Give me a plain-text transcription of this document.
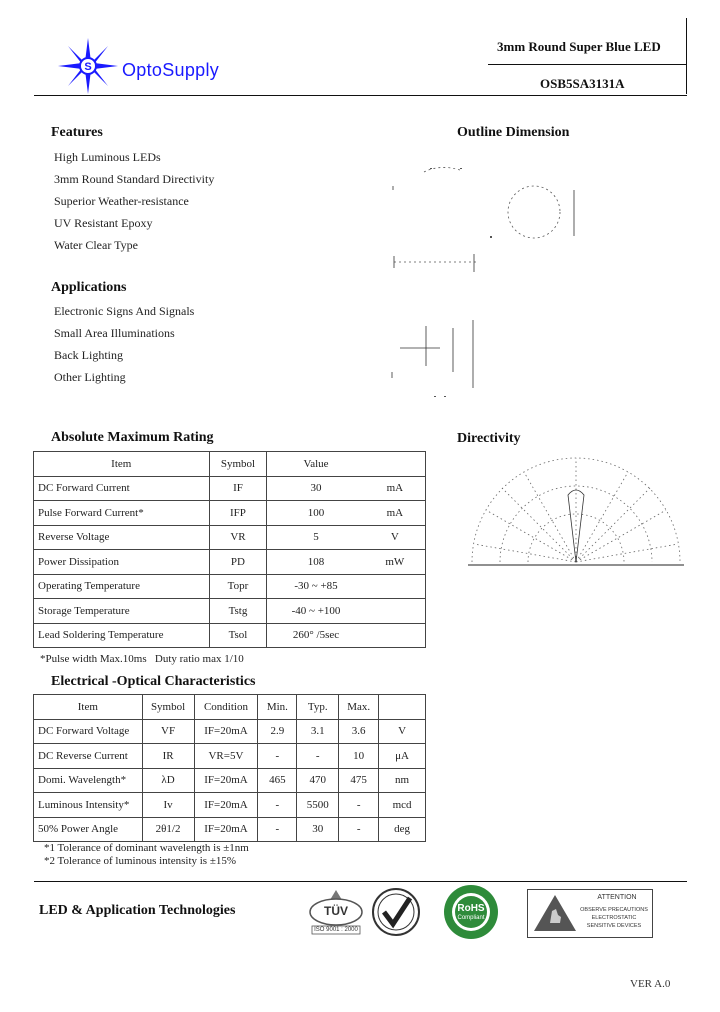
S OptoSupply
3mm Round Super Blue LED
OSB5SA3131A
Features
High Luminous LEDs
3mm Round Standard Directivity
Superior Weather-resistance
UV Resistant Epoxy
Water Clear Type
Applications
Electronic Signs And Signals
Small Area Illuminations
Back Lighting
Other Lighting
Outline Dimension
Directivity
Absolute Maximum Rating
Item	Symbol	Value	
DC Forward Current	IF	30	mA
Pulse Forward Current*	IFP	100	mA
Reverse Voltage	VR	5	V
Power Dissipation	PD	108	mW
Operating Temperature	Topr	-30 ~ +85	
Storage Temperature	Tstg	-40 ~ +100	
Lead Soldering Temperature	Tsol	260° /5sec	
*Pulse width Max.10ms   Duty ratio max 1/10
Electrical -Optical Characteristics
Item	Symbol	Condition	Min.	Typ.	Max.	
DC Forward Voltage	VF	IF=20mA	2.9	3.1	3.6	V
DC Reverse Current	IR	VR=5V	-	-	10	μA
Domi. Wavelength*	λD	IF=20mA	465	470	475	nm
Luminous Intensity*	Iv	IF=20mA	-	5500	-	mcd
50% Power Angle	2θ1/2	IF=20mA	-	30	-	deg
*1 Tolerance of dominant wavelength is ±1nm
*2 Tolerance of luminous intensity is ±15%
LED & Application Technologies	TÜV
ISO 9001 : 2000
RoHS
Compliant
ATTENTION
OBSERVE PRECAUTIONS
ELECTROSTATIC
SENSITIVE DEVICES
VER A.0
